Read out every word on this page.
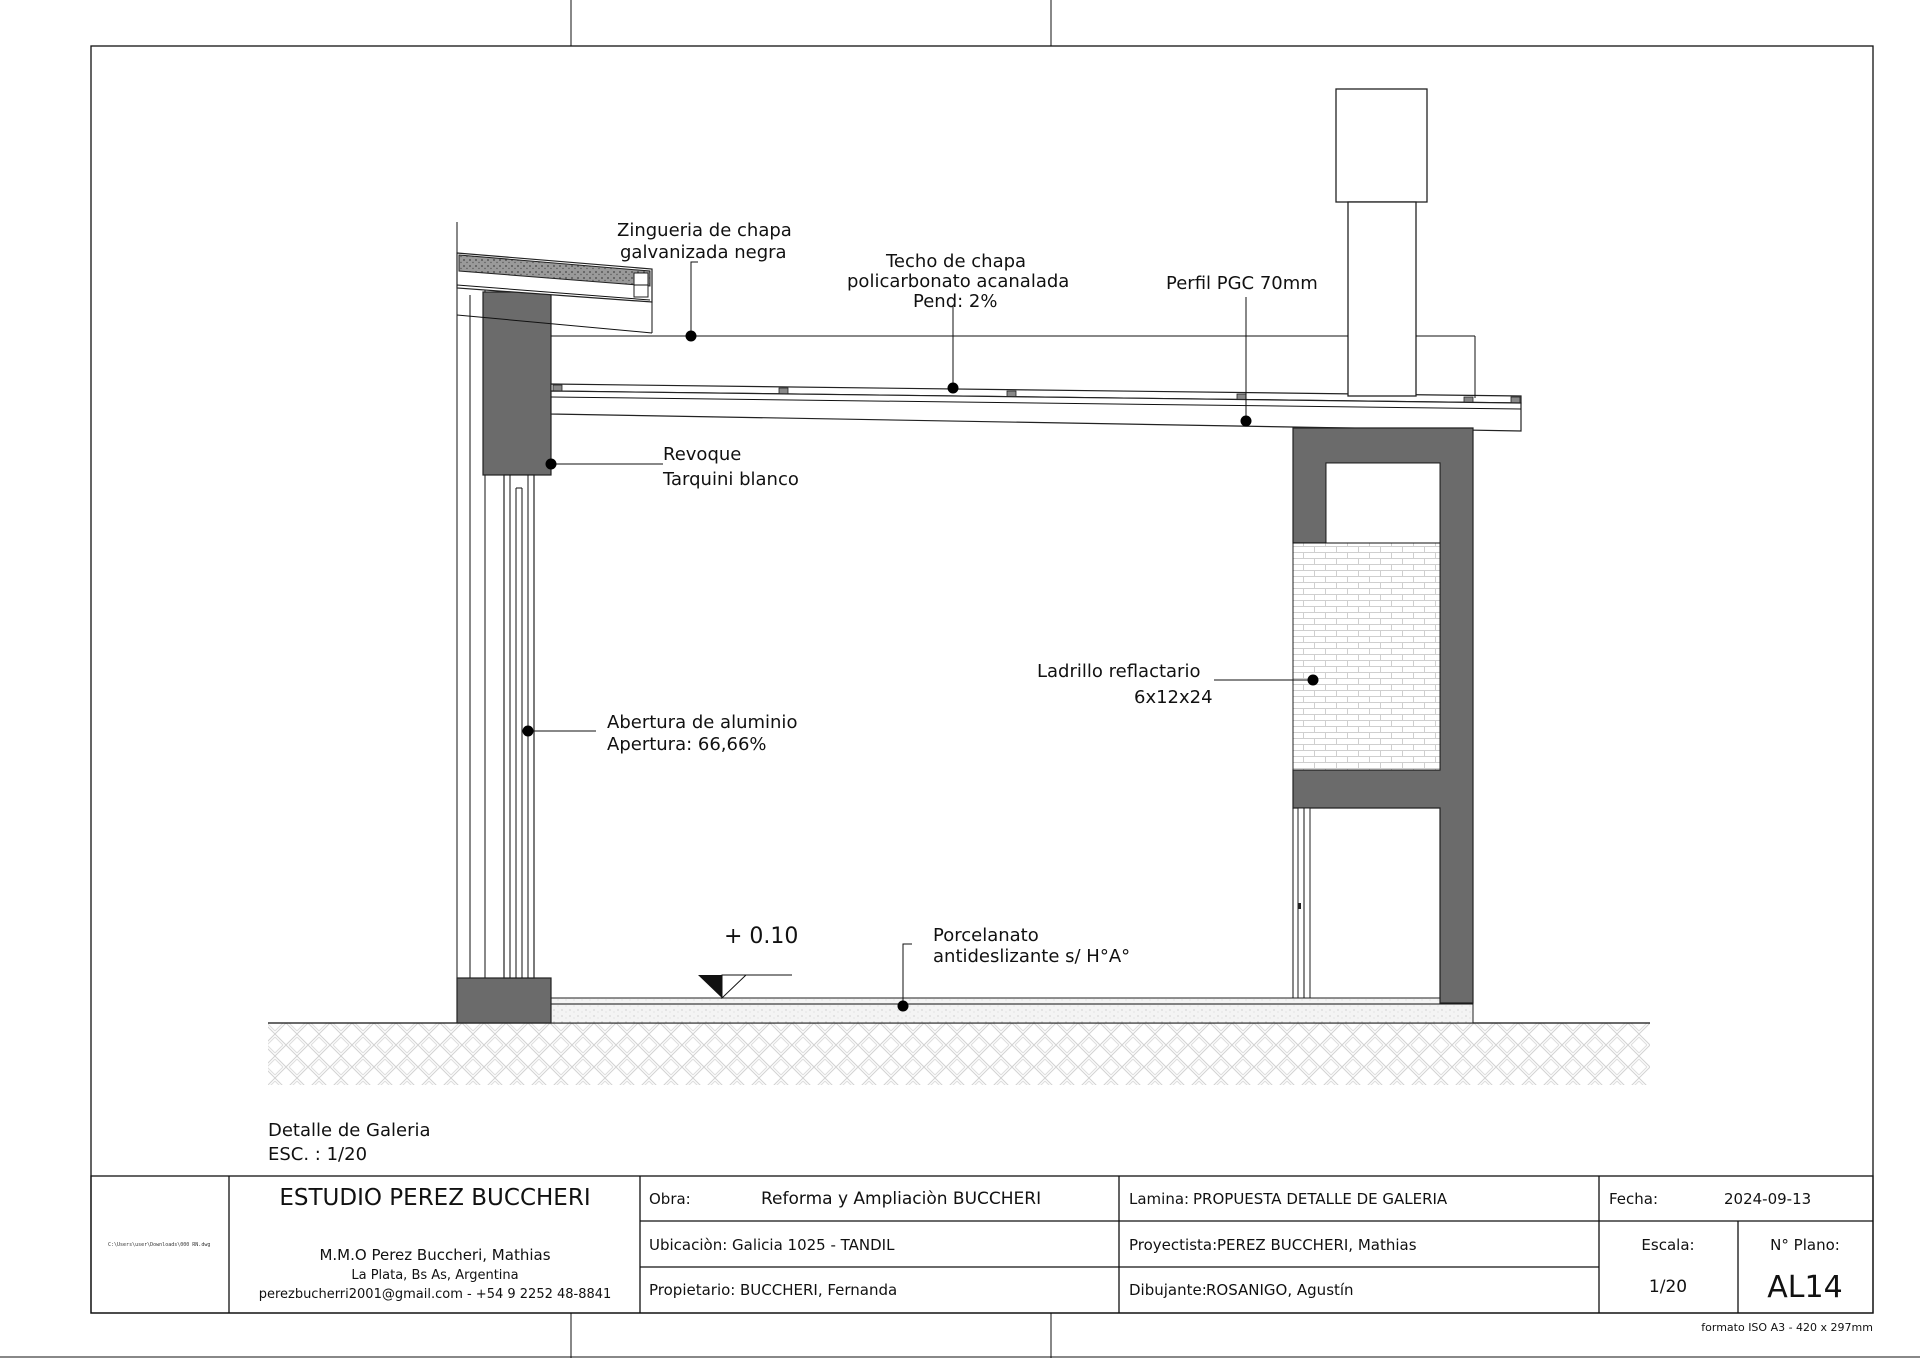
Zingueria de chapa
galvanizada negra	Techo de chapa
policarbonato acanalada
Pend: 2%
Perfil PGC 70mm
Revoque
Tarquini blanco
Ladrillo reflactario
6x12x24
Abertura de aluminio
Apertura: 66,66%
+ 0.10	Porcelanato
antideslizante s/ H°A°
Detalle de Galeria
ESC. : 1/20
C:\Users\user\Downloads\000 RN.dwg
ESTUDIO PEREZ BUCCHERI
M.M.O Perez Buccheri, Mathias
La Plata, Bs As, Argentina
perezbucherri2001@gmail.com - +54 9 2252 48-8841
Obra:	Reforma y Ampliaciòn BUCCHERI
Ubicaciòn: Galicia 1025 - TANDIL
Propietario: BUCCHERI, Fernanda
Lamina: PROPUESTA DETALLE DE GALERIA
Proyectista: PEREZ BUCCHERI, Mathias
Dibujante: ROSANIGO, Agustín
Fecha:	2024-09-13
Escala:
1/20
N° Plano:
AL14
formato ISO A3 - 420 x 297mm
